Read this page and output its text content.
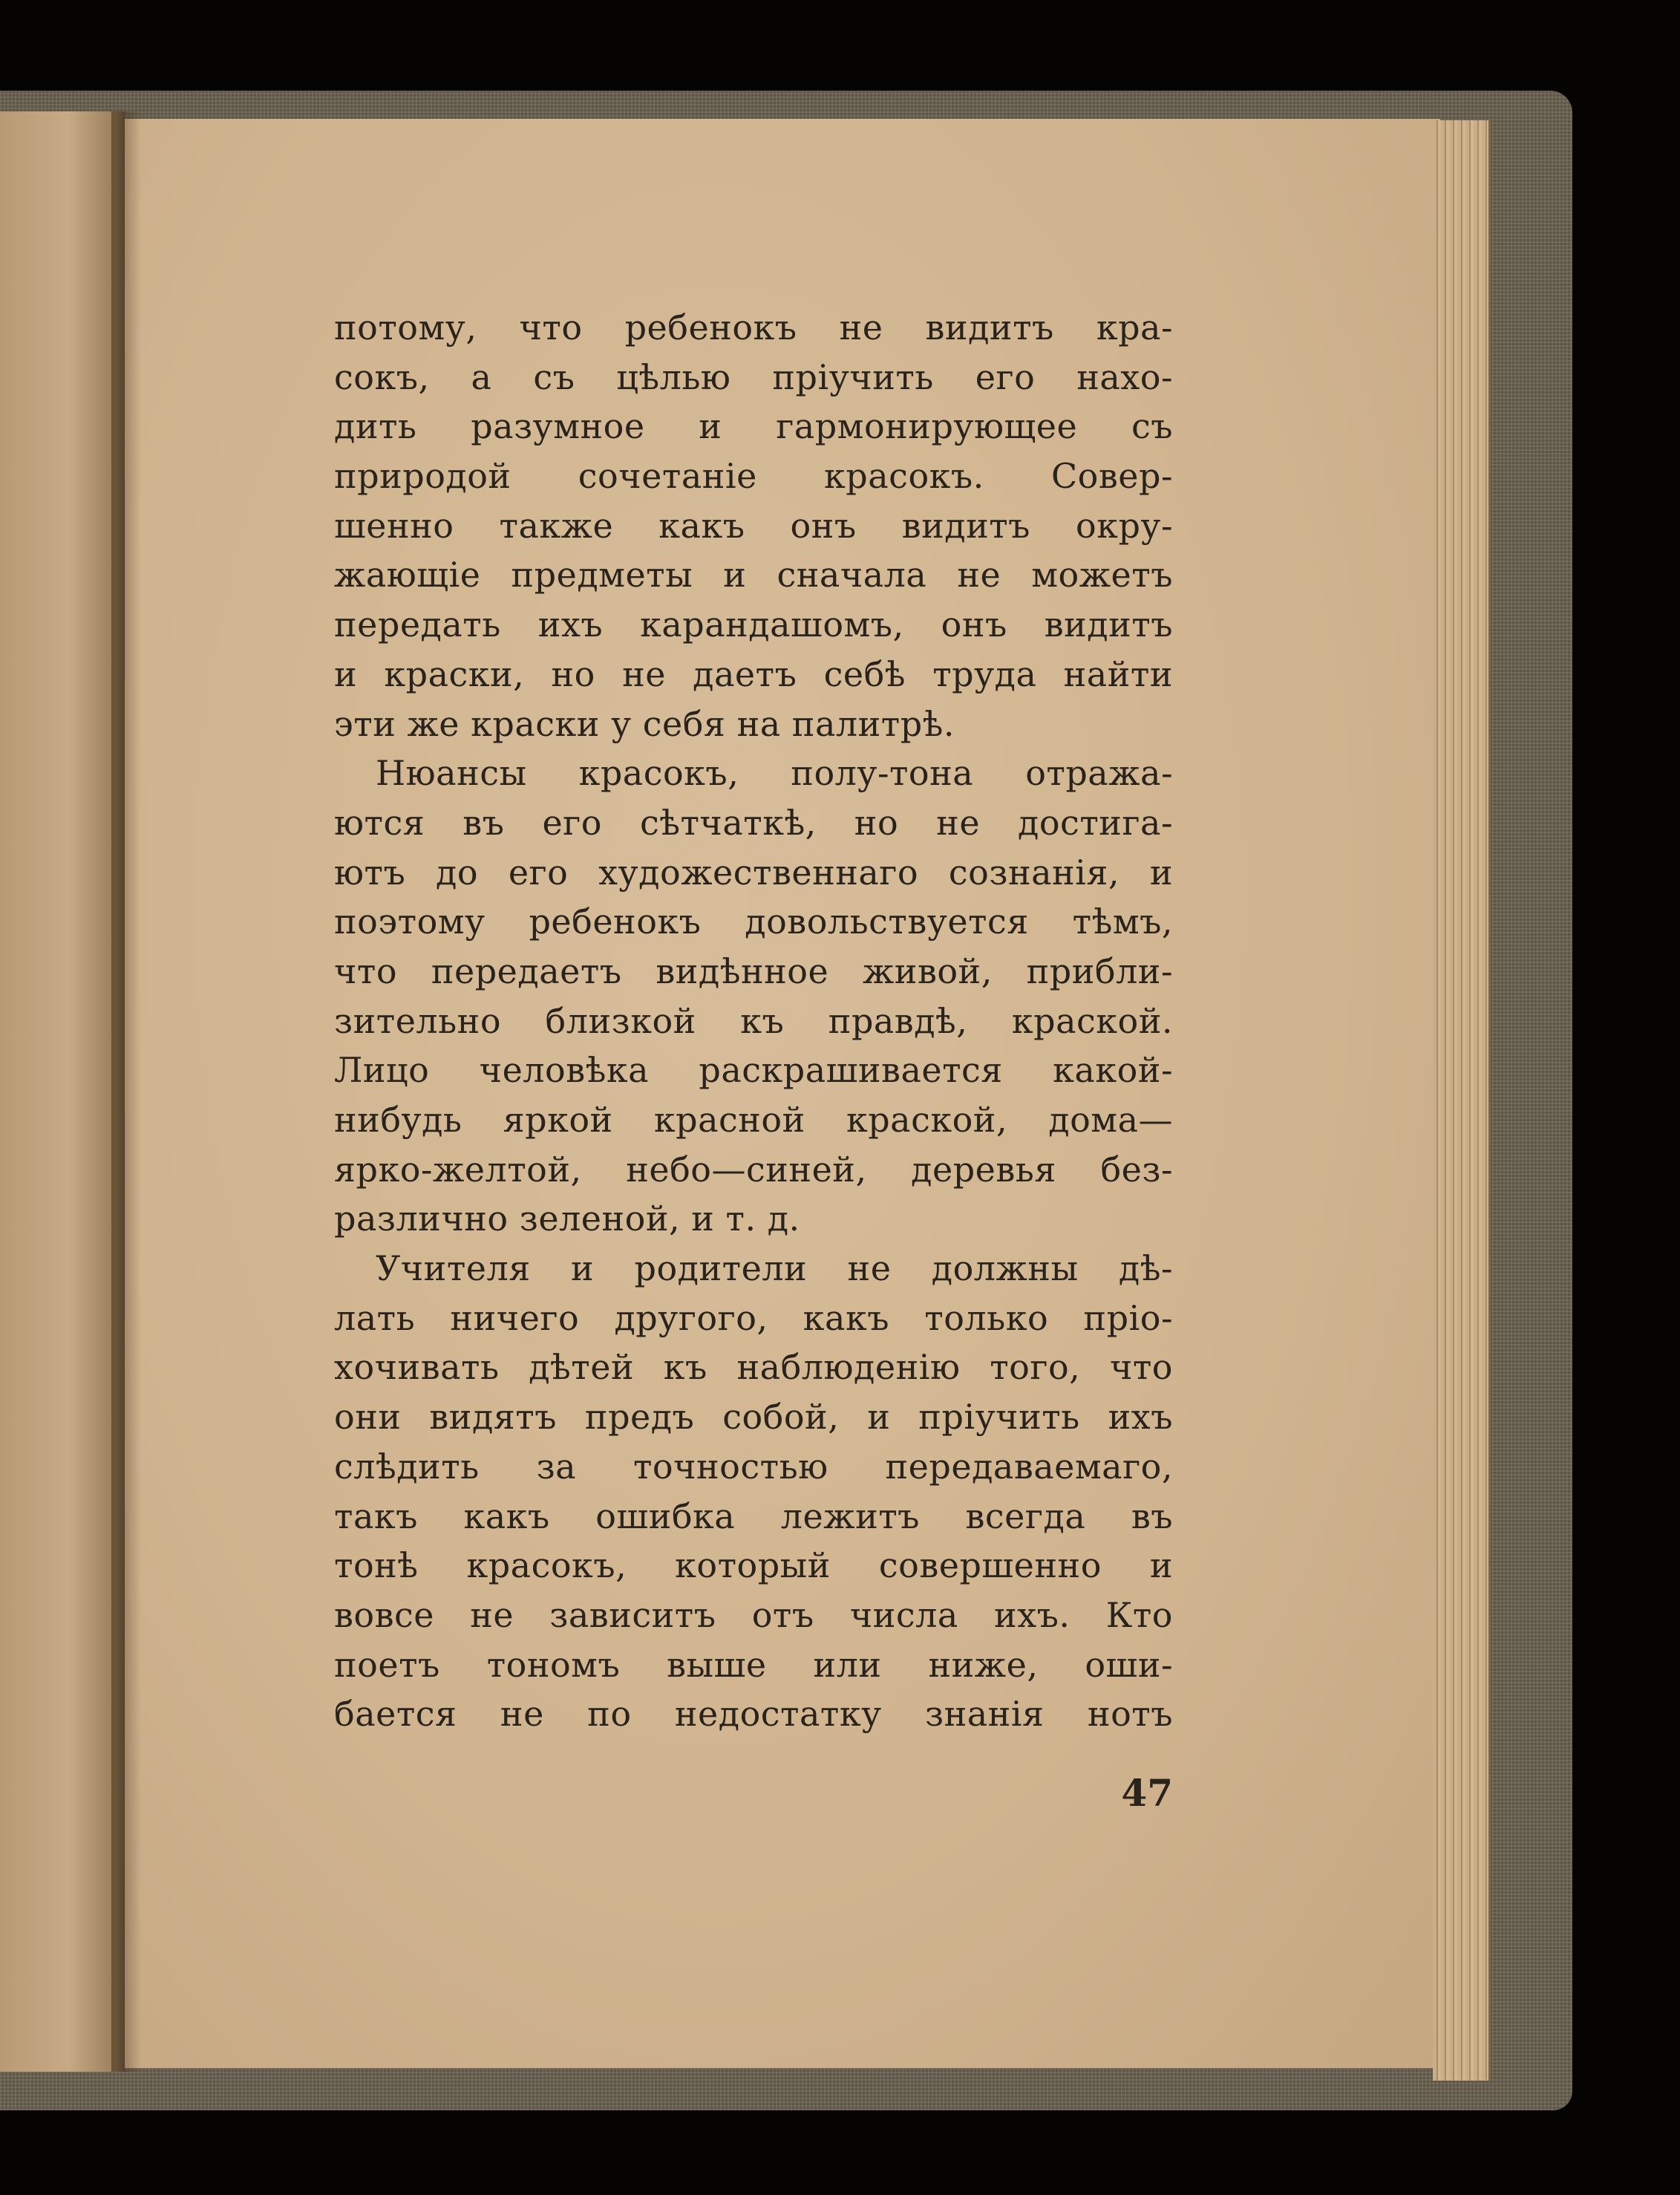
потому, что ребенокъ не видитъ кра-
сокъ, а съ цѣлью пріучить его нахо-
дить разумное и гармонирующее съ
природой сочетаніе красокъ. Совер-
шенно также какъ онъ видитъ окру-
жающіе предметы и сначала не можетъ
передать ихъ карандашомъ, онъ видитъ
и краски, но не даетъ себѣ труда найти
эти же краски у себя на палитрѣ.
Нюансы красокъ, полу-тона отража-
ются въ его сѣтчаткѣ, но не достига-
ютъ до его художественнаго сознанія, и
поэтому ребенокъ довольствуется тѣмъ,
что передаетъ видѣнное живой, прибли-
зительно близкой къ правдѣ, краской.
Лицо человѣка раскрашивается какой-
нибудь яркой красной краской, дома—
ярко-желтой, небо—синей, деревья без-
различно зеленой, и т. д.
Учителя и родители не должны дѣ-
лать ничего другого, какъ только пріо-
хочивать дѣтей къ наблюденію того, что
они видятъ предъ собой, и пріучить ихъ
слѣдить за точностью передаваемаго,
такъ какъ ошибка лежитъ всегда въ
тонѣ красокъ, который совершенно и
вовсе не зависитъ отъ числа ихъ. Кто
поетъ тономъ выше или ниже, оши-
бается не по недостатку знанія нотъ
47
